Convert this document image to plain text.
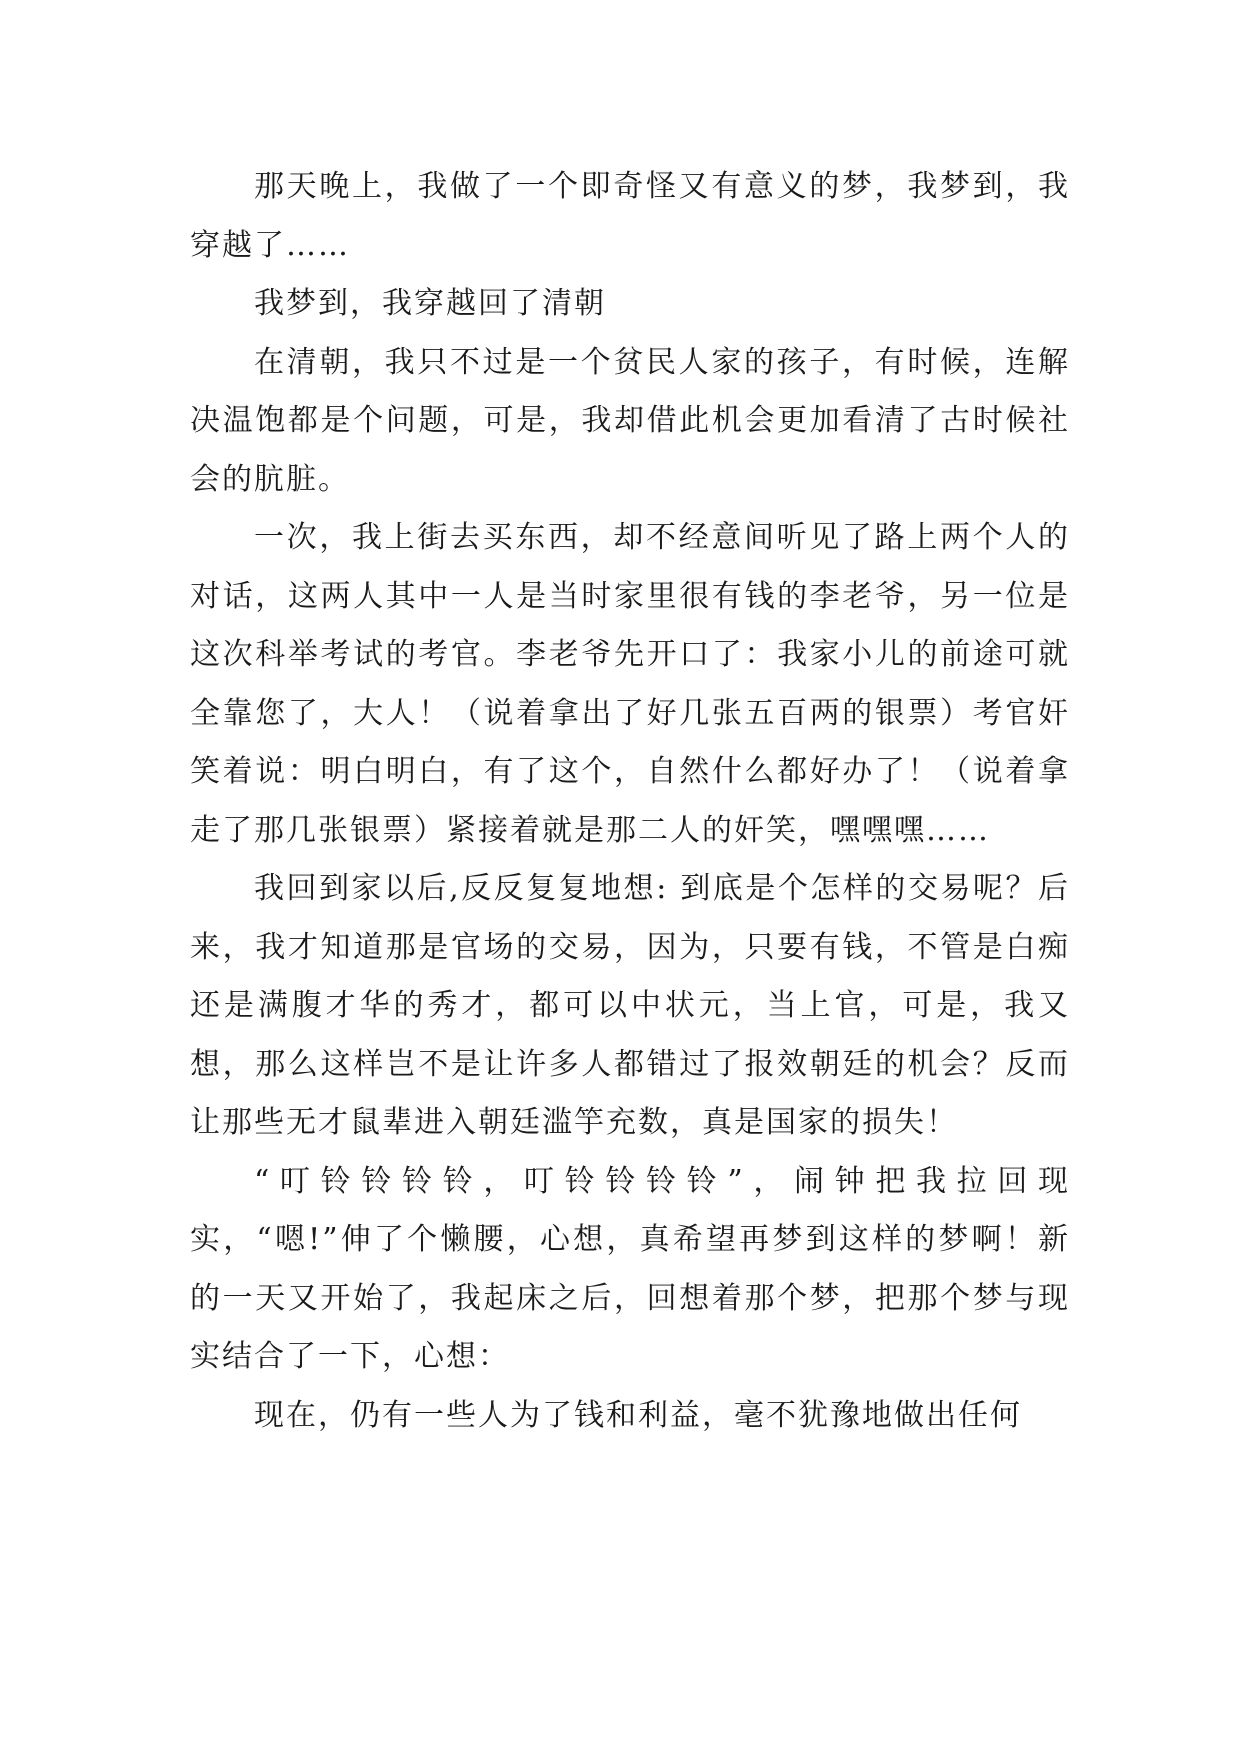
那天晚上，我做了一个即奇怪又有意义的梦，我梦到，我穿越了……

我梦到，我穿越回了清朝

在清朝，我只不过是一个贫民人家的孩子，有时候，连解决温饱都是个问题，可是，我却借此机会更加看清了古时候社会的肮脏。

一次，我上街去买东西，却不经意间听见了路上两个人的对话，这两人其中一人是当时家里很有钱的李老爷，另一位是这次科举考试的考官。李老爷先开口了：我家小儿的前途可就全靠您了，大人！（说着拿出了好几张五百两的银票）考官奸笑着说：明白明白，有了这个，自然什么都好办了！（说着拿走了那几张银票）紧接着就是那二人的奸笑，嘿嘿嘿……

我回到家以后,反反复复地想: 到底是个怎样的交易呢？后来，我才知道那是官场的交易，因为，只要有钱，不管是白痴还是满腹才华的秀才，都可以中状元，当上官，可是，我又想，那么这样岂不是让许多人都错过了报效朝廷的机会？反而让那些无才鼠辈进入朝廷滥竽充数，真是国家的损失！

“叮铃铃铃铃，叮铃铃铃铃”，闹钟把我拉回现实，“嗯!”伸了个懒腰，心想，真希望再梦到这样的梦啊！新的一天又开始了，我起床之后，回想着那个梦，把那个梦与现实结合了一下，心想：

现在，仍有一些人为了钱和利益，毫不犹豫地做出任何
